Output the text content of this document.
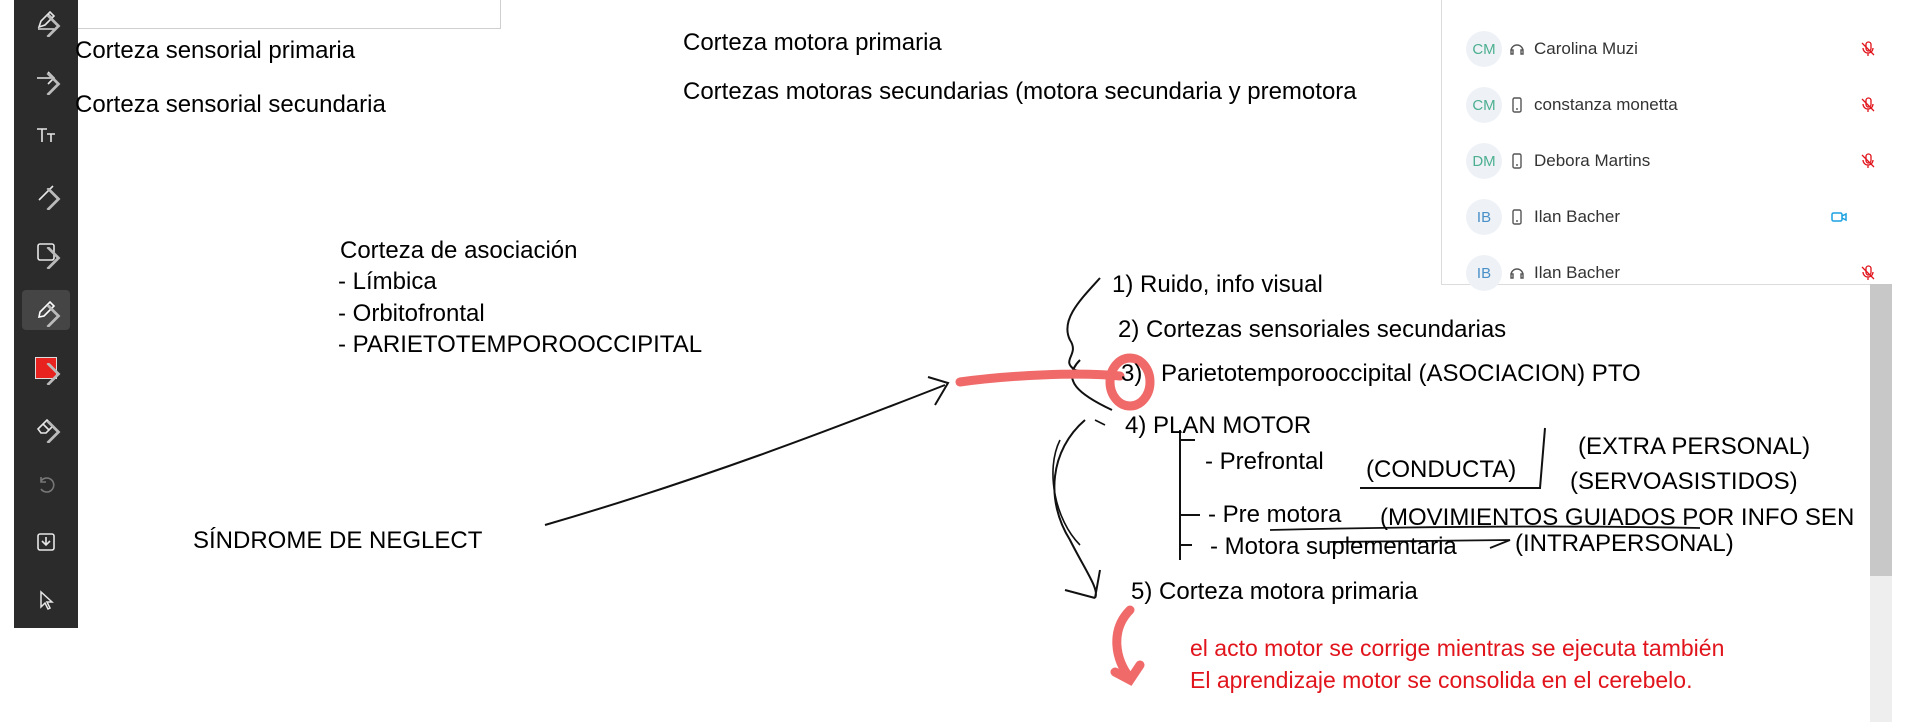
Corteza sensorial primaria
Corteza sensorial secundaria
Corteza motora primaria
Cortezas motoras secundarias (motora secundaria y premotora
Corteza de asociación
- Límbica
- Orbitofrontal
- PARIETOTEMPOROOCCIPITAL
SÍNDROME DE NEGLECT
1) Ruido, info visual
2) Cortezas sensoriales secundarias
3) Parietotemporooccipital (ASOCIACION) PTO
4) PLAN MOTOR
- Prefrontal (CONDUCTA)
(EXTRA PERSONAL)
(SERVOASISTIDOS)
- Pre motora (MOVIMIENTOS GUIADOS POR INFO SEN
- Motora suplementaria (INTRAPERSONAL)
5) Corteza motora primaria
el acto motor se corrige mientras se ejecuta también
El aprendizaje motor se consolida en el cerebelo.
CM	Carolina Muzi
CM	constanza monetta
DM	Debora Martins
IB	Ilan Bacher
IB	Ilan Bacher
